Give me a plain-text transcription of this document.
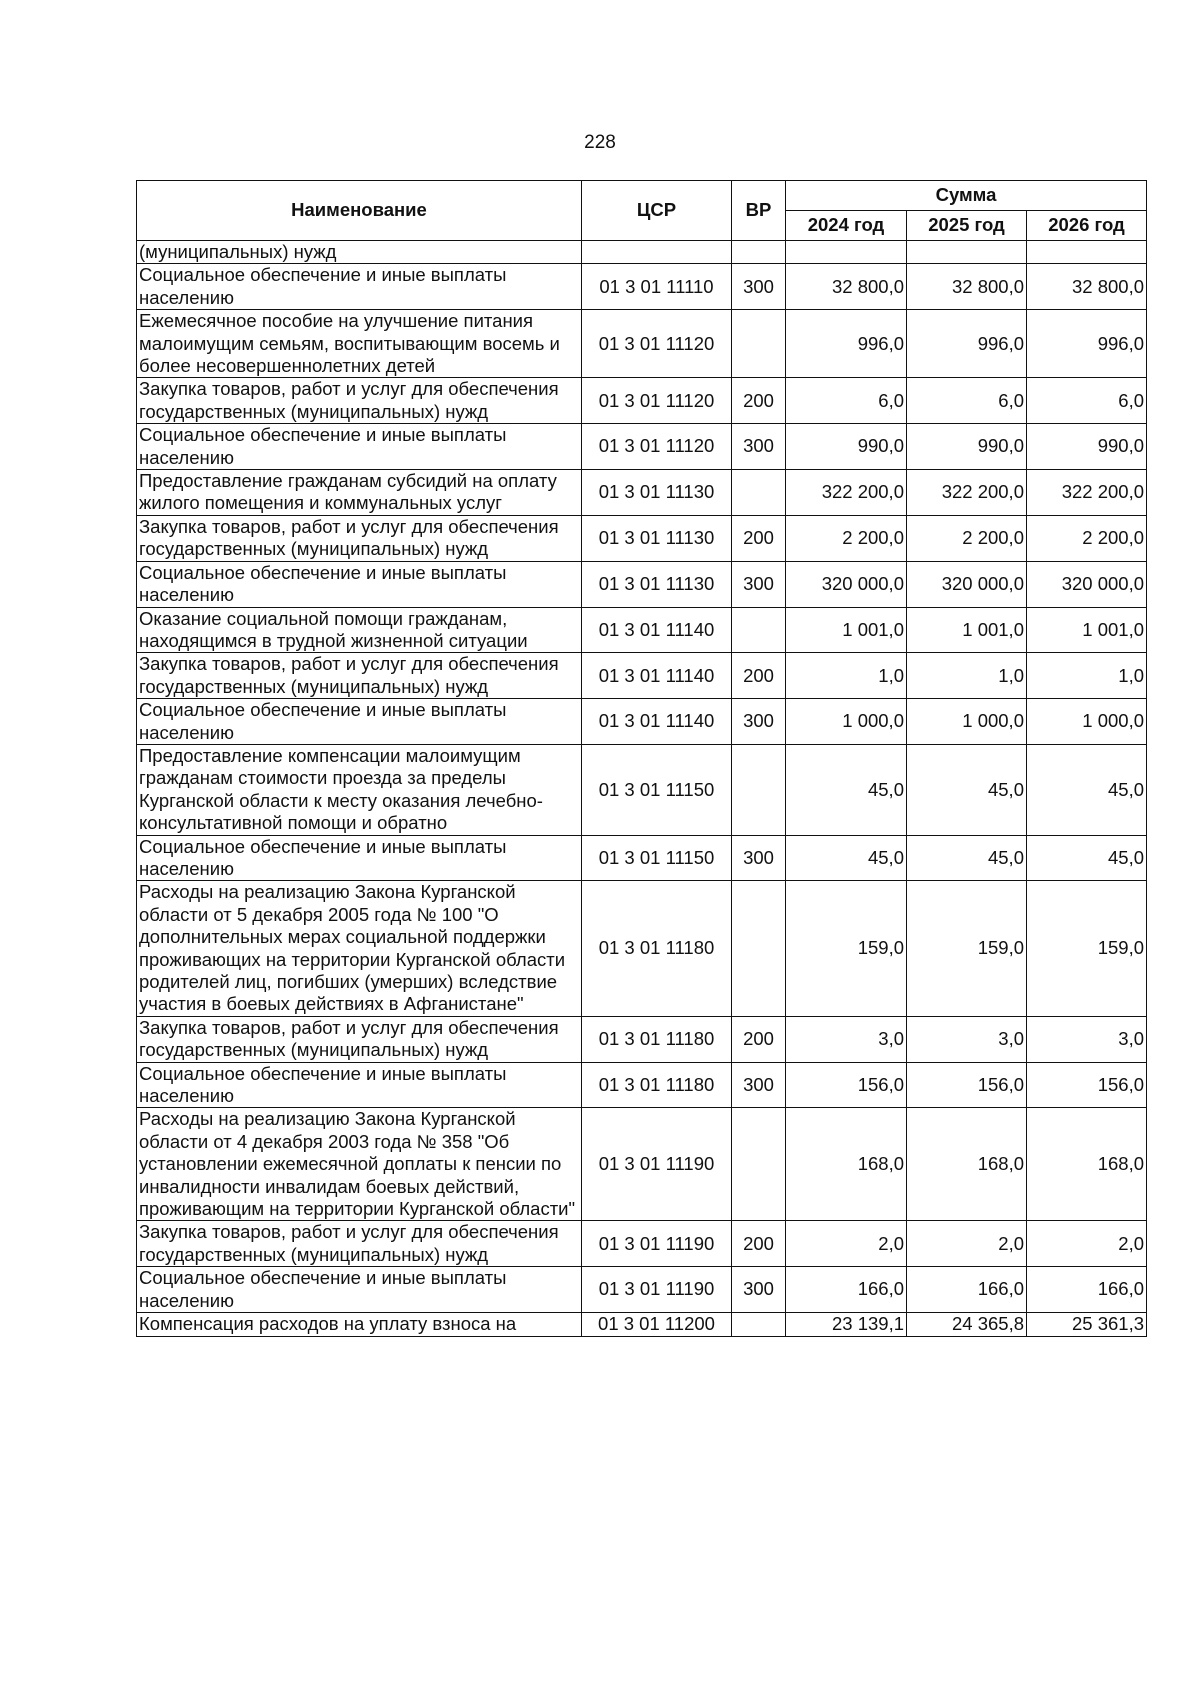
228
Наименование	ЦСР	ВР	Сумма		
			2024 год	2025 год	2026 год
(муниципальных) нужд					
Социальное обеспечение и иные выплаты населению	01 3 01 11110	300	32 800,0	32 800,0	32 800,0
Ежемесячное пособие на улучшение питания малоимущим семьям, воспитывающим восемь и более несовершеннолетних детей	01 3 01 11120		996,0	996,0	996,0
Закупка товаров, работ и услуг для обеспечения государственных (муниципальных) нужд	01 3 01 11120	200	6,0	6,0	6,0
Социальное обеспечение и иные выплаты населению	01 3 01 11120	300	990,0	990,0	990,0
Предоставление гражданам субсидий на оплату жилого помещения и коммунальных услуг	01 3 01 11130		322 200,0	322 200,0	322 200,0
Закупка товаров, работ и услуг для обеспечения государственных (муниципальных) нужд	01 3 01 11130	200	2 200,0	2 200,0	2 200,0
Социальное обеспечение и иные выплаты населению	01 3 01 11130	300	320 000,0	320 000,0	320 000,0
Оказание социальной помощи гражданам, находящимся в трудной жизненной ситуации	01 3 01 11140		1 001,0	1 001,0	1 001,0
Закупка товаров, работ и услуг для обеспечения государственных (муниципальных) нужд	01 3 01 11140	200	1,0	1,0	1,0
Социальное обеспечение и иные выплаты населению	01 3 01 11140	300	1 000,0	1 000,0	1 000,0
Предоставление компенсации малоимущим гражданам стоимости проезда за пределы Курганской области к месту оказания лечебно-консультативной помощи и обратно	01 3 01 11150		45,0	45,0	45,0
Социальное обеспечение и иные выплаты населению	01 3 01 11150	300	45,0	45,0	45,0
Расходы на реализацию Закона Курганской области от 5 декабря 2005 года № 100 "О дополнительных мерах социальной поддержки проживающих на территории Курганской области родителей лиц, погибших (умерших) вследствие участия в боевых действиях в Афганистане"	01 3 01 11180		159,0	159,0	159,0
Закупка товаров, работ и услуг для обеспечения государственных (муниципальных) нужд	01 3 01 11180	200	3,0	3,0	3,0
Социальное обеспечение и иные выплаты населению	01 3 01 11180	300	156,0	156,0	156,0
Расходы на реализацию Закона Курганской области от 4 декабря 2003 года № 358 "Об установлении ежемесячной доплаты к пенсии по инвалидности инвалидам боевых действий, проживающим на территории Курганской области"	01 3 01 11190		168,0	168,0	168,0
Закупка товаров, работ и услуг для обеспечения государственных (муниципальных) нужд	01 3 01 11190	200	2,0	2,0	2,0
Социальное обеспечение и иные выплаты населению	01 3 01 11190	300	166,0	166,0	166,0
Компенсация расходов на уплату взноса на	01 3 01 11200		23 139,1	24 365,8	25 361,3
